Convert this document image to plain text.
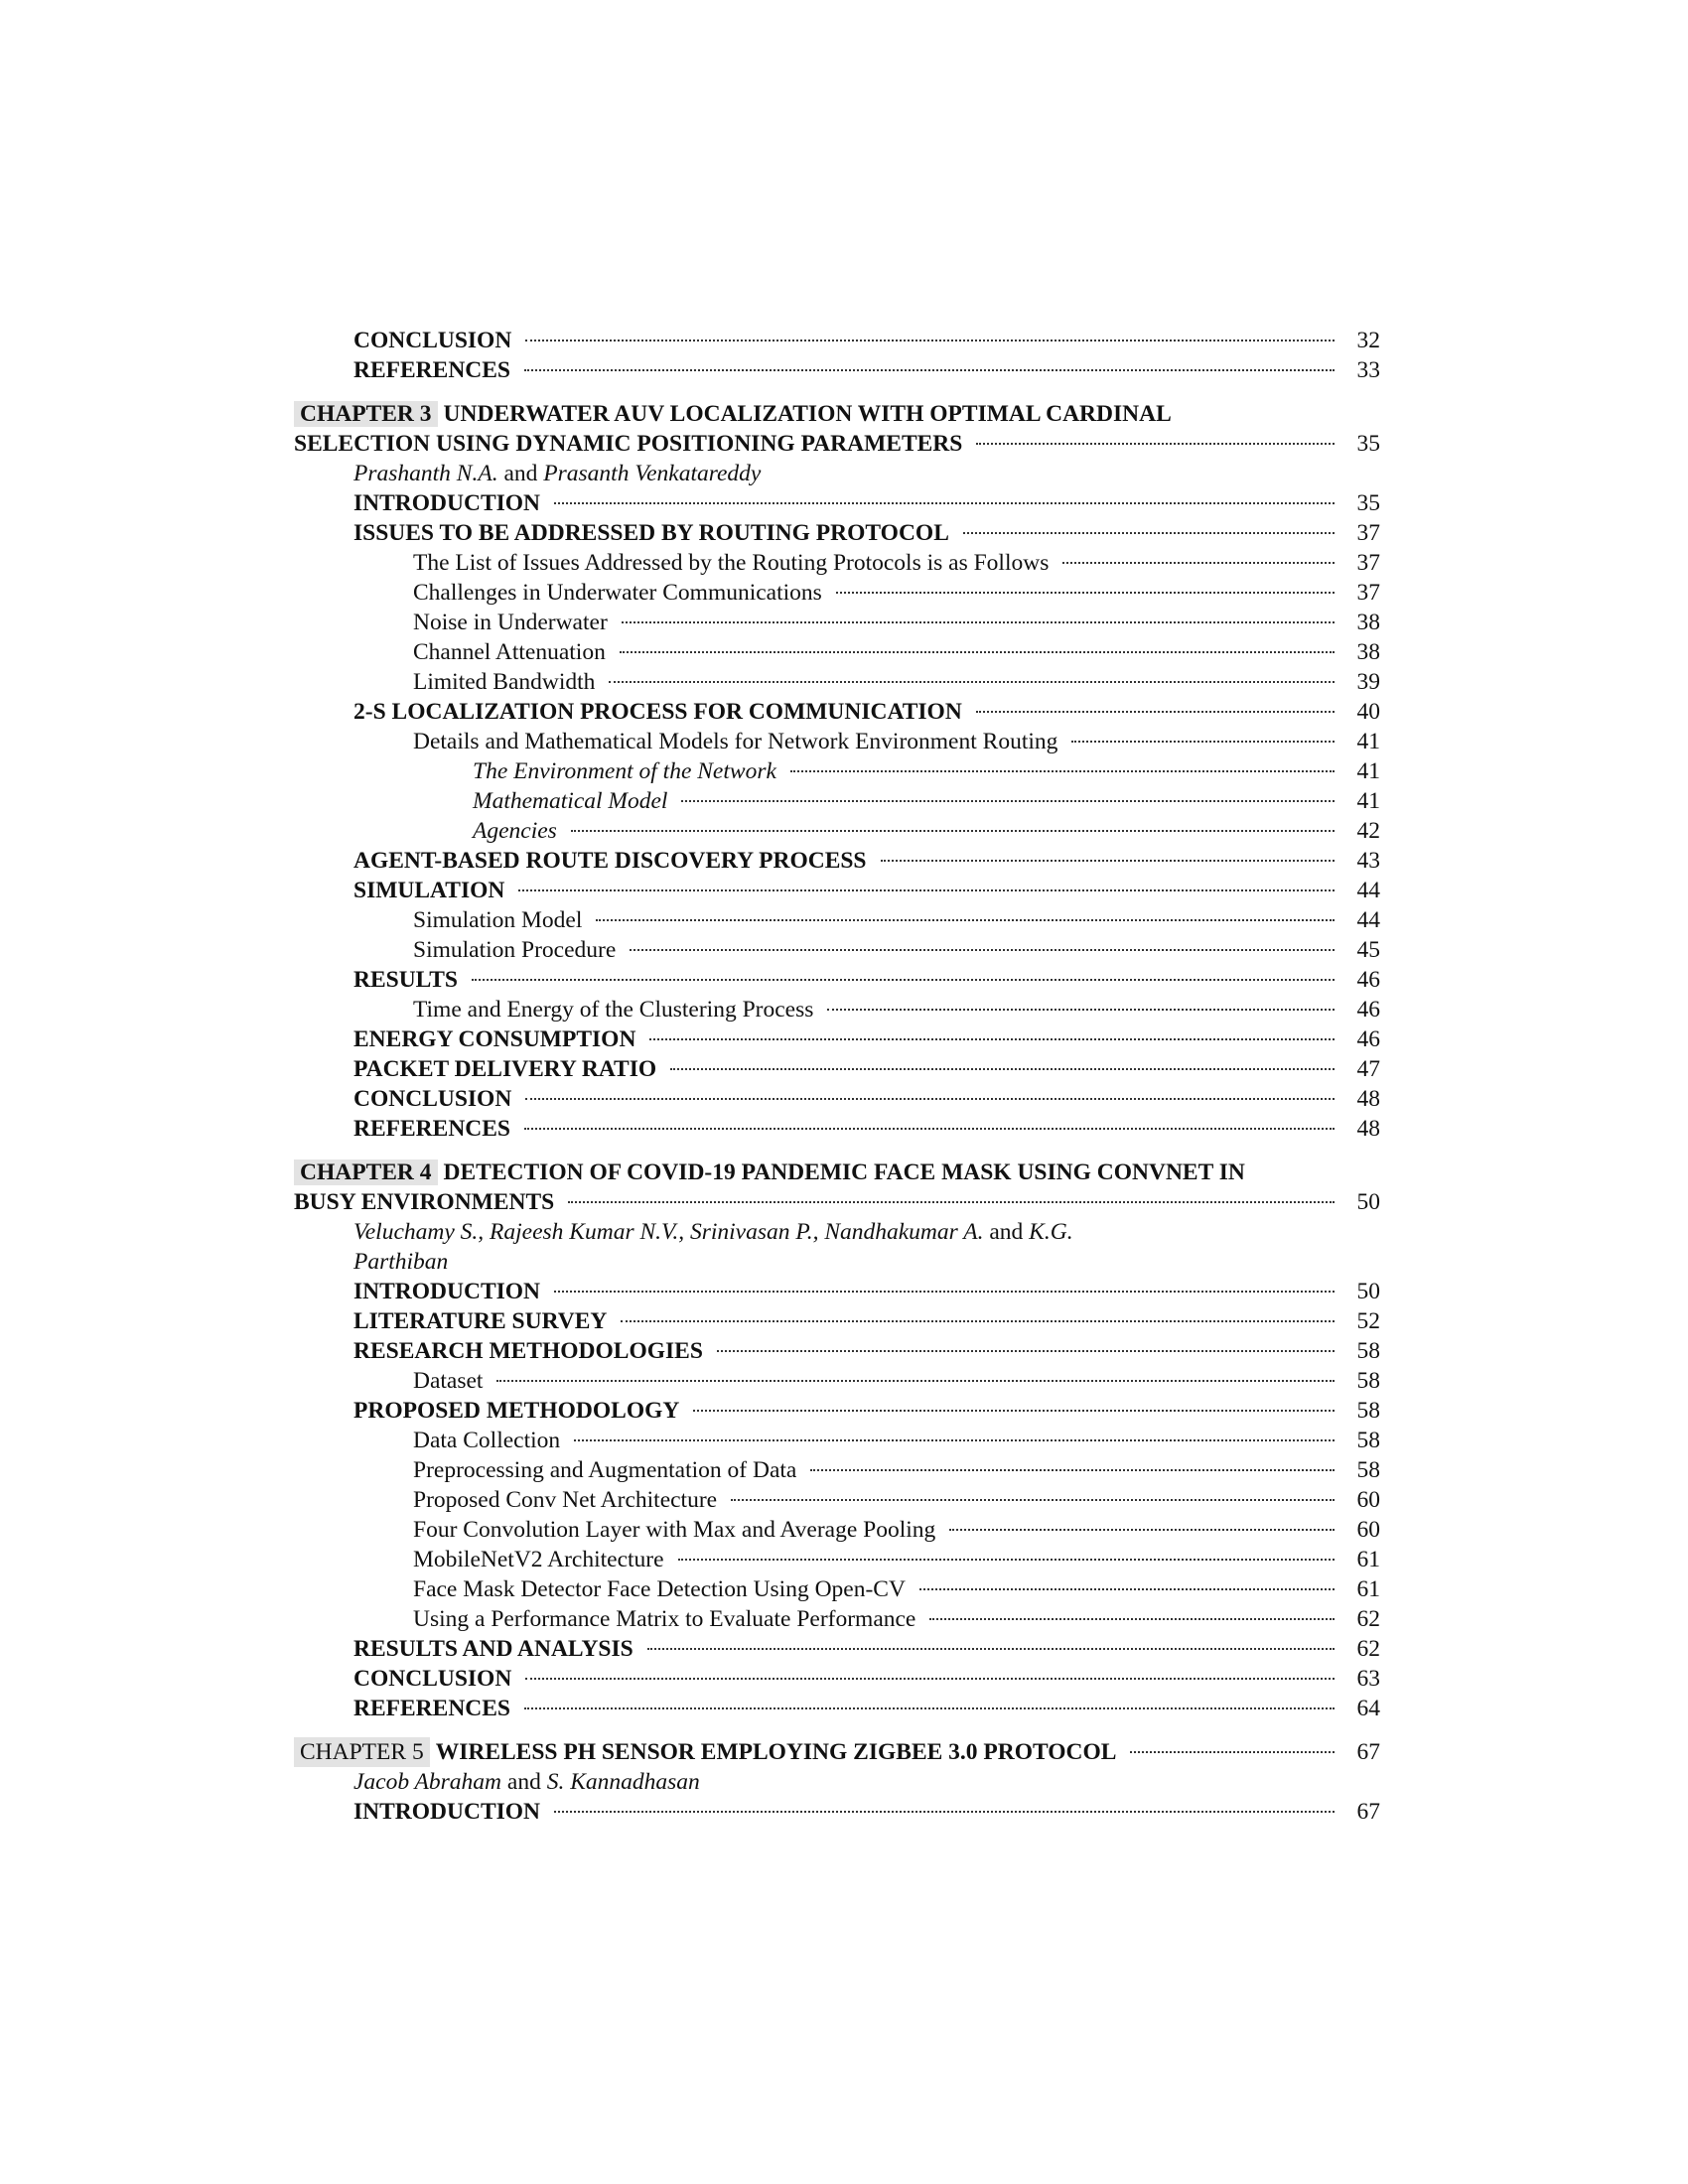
CONCLUSION	32
REFERENCES	33
CHAPTER 3 UNDERWATER AUV LOCALIZATION WITH OPTIMAL CARDINAL
SELECTION USING DYNAMIC POSITIONING PARAMETERS	35
Prashanth N.A. and Prasanth Venkatareddy
INTRODUCTION	35
ISSUES TO BE ADDRESSED BY ROUTING PROTOCOL	37
The List of Issues Addressed by the Routing Protocols is as Follows	37
Challenges in Underwater Communications	37
Noise in Underwater	38
Channel Attenuation	38
Limited Bandwidth	39
2-S LOCALIZATION PROCESS FOR COMMUNICATION	40
Details and Mathematical Models for Network Environment Routing	41
The Environment of the Network	41
Mathematical Model	41
Agencies	42
AGENT-BASED ROUTE DISCOVERY PROCESS	43
SIMULATION	44
Simulation Model	44
Simulation Procedure	45
RESULTS	46
Time and Energy of the Clustering Process	46
ENERGY CONSUMPTION	46
PACKET DELIVERY RATIO	47
CONCLUSION	48
REFERENCES	48
CHAPTER 4 DETECTION OF COVID-19 PANDEMIC FACE MASK USING CONVNET IN
BUSY ENVIRONMENTS	50
Veluchamy S., Rajeesh Kumar N.V., Srinivasan P., Nandhakumar A. and K.G.
Parthiban
INTRODUCTION	50
LITERATURE SURVEY	52
RESEARCH METHODOLOGIES	58
Dataset	58
PROPOSED METHODOLOGY	58
Data Collection	58
Preprocessing and Augmentation of Data	58
Proposed Conv Net Architecture	60
Four Convolution Layer with Max and Average Pooling	60
MobileNetV2 Architecture	61
Face Mask Detector Face Detection Using Open-CV	61
Using a Performance Matrix to Evaluate Performance	62
RESULTS AND ANALYSIS	62
CONCLUSION	63
REFERENCES	64
CHAPTER 5 WIRELESS PH SENSOR EMPLOYING ZIGBEE 3.0 PROTOCOL	67
Jacob Abraham and S. Kannadhasan
INTRODUCTION	67
